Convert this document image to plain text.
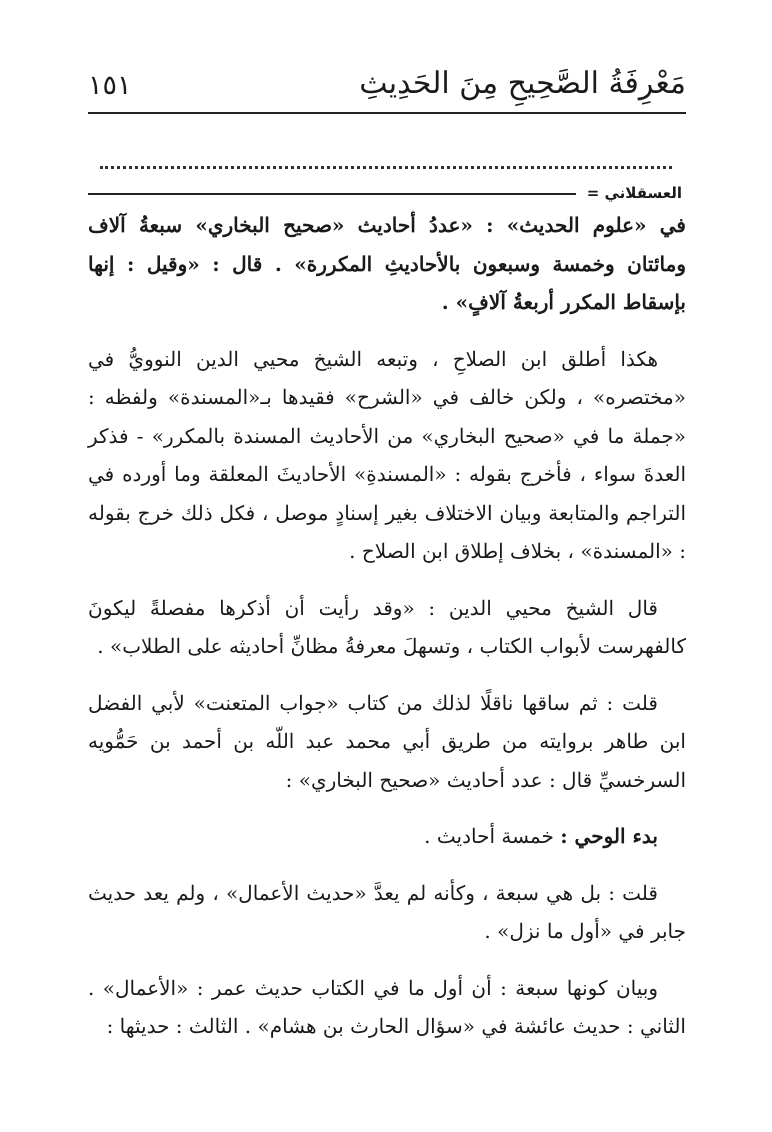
مَعْرِفَةُ الصَّحِيحِ مِنَ الحَدِيثِ
١٥١
العسقلاني =

في «علوم الحديث» : «عددُ أحاديث «صحيح البخاري» سبعةُ آلاف ومائتان وخمسة وسبعون بالأحاديثِ المكررة» . قال : «وقيل : إنها بإسقاط المكرر أربعةُ آلافٍ» .

هكذا أطلق ابن الصلاحِ ، وتبعه الشيخ محيي الدين النوويُّ في «مختصره» ، ولكن خالف في «الشرح» فقيدها بـ«المسندة» ولفظه : «جملة ما في «صحيح البخاري» من الأحاديث المسندة بالمكرر» - فذكر العدةَ سواء ، فأخرج بقوله : «المسندةِ» الأحاديثَ المعلقة وما أورده في التراجم والمتابعة وبيان الاختلاف بغير إسنادٍ موصل ، فكل ذلك خرج بقوله : «المسندة» ، بخلاف إطلاق ابن الصلاح .

قال الشيخ محيي الدين : «وقد رأيت أن أذكرها مفصلةً ليكونَ كالفهرست لأبواب الكتاب ، وتسهلَ معرفةُ مظانِّ أحاديثه على الطلاب» .

قلت : ثم ساقها ناقلًا لذلك من كتاب «جواب المتعنت» لأبي الفضل ابن طاهر بروايته من طريق أبي محمد عبد اللّه بن أحمد بن حَمُّويه السرخسيِّ قال : عدد أحاديث «صحيح البخاري» :

بدء الوحي : خمسة أحاديث .

قلت : بل هي سبعة ، وكأنه لم يعدَّ «حديث الأعمال» ، ولم يعد حديث جابر في «أول ما نزل» .

وبيان كونها سبعة : أن أول ما في الكتاب حديث عمر : «الأعمال» . الثاني : حديث عائشة في «سؤال الحارث بن هشام» . الثالث : حديثها :
